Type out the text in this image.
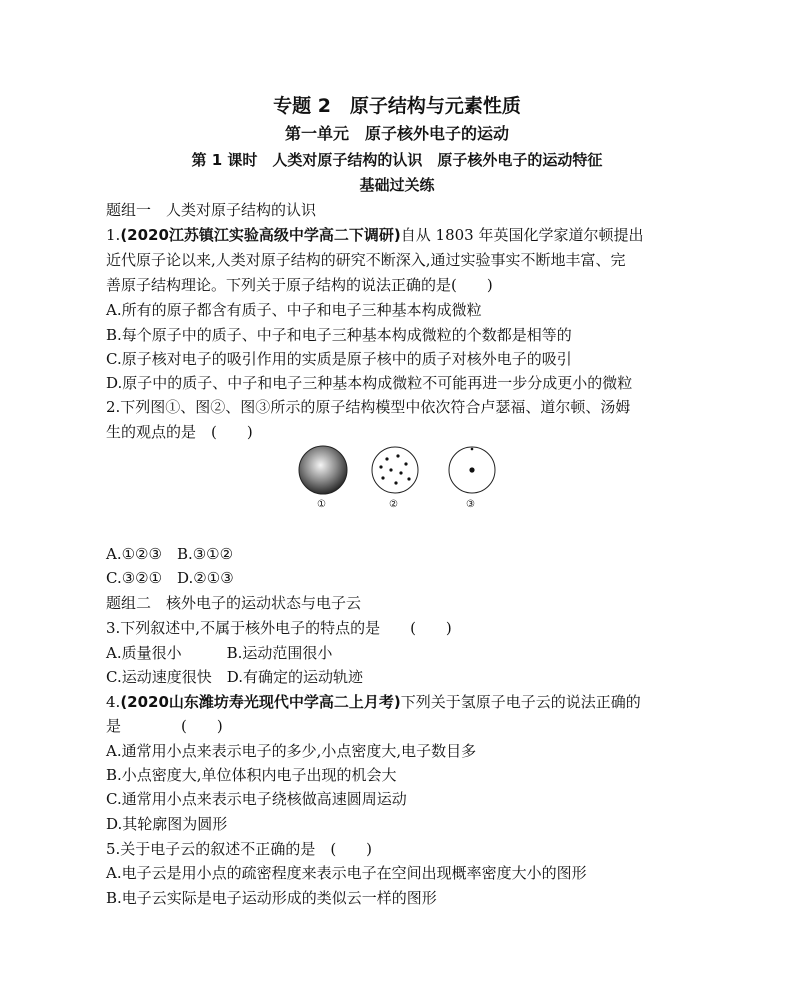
专题 2　原子结构与元素性质
第一单元　原子核外电子的运动
第 1 课时　人类对原子结构的认识　原子核外电子的运动特征
基础过关练
题组一　人类对原子结构的认识
1.(2020江苏镇江实验高级中学高二下调研)自从 1803 年英国化学家道尔顿提出
近代原子论以来,人类对原子结构的研究不断深入,通过实验事实不断地丰富、完
善原子结构理论。下列关于原子结构的说法正确的是(　　)
A.所有的原子都含有质子、中子和电子三种基本构成微粒
B.每个原子中的质子、中子和电子三种基本构成微粒的个数都是相等的
C.原子核对电子的吸引作用的实质是原子核中的质子对核外电子的吸引
D.原子中的质子、中子和电子三种基本构成微粒不可能再进一步分成更小的微粒
2.下列图①、图②、图③所示的原子结构模型中依次符合卢瑟福、道尔顿、汤姆
生的观点的是　(　　)
①	②	③
A.①②③　B.③①②
C.③②①　D.②①③
题组二　核外电子的运动状态与电子云
3.下列叙述中,不属于核外电子的特点的是　　(　　)
A.质量很小　　　B.运动范围很小
C.运动速度很快　D.有确定的运动轨迹
4.(2020山东潍坊寿光现代中学高二上月考)下列关于氢原子电子云的说法正确的
是　　　　(　　)
A.通常用小点来表示电子的多少,小点密度大,电子数目多
B.小点密度大,单位体积内电子出现的机会大
C.通常用小点来表示电子绕核做高速圆周运动
D.其轮廓图为圆形
5.关于电子云的叙述不正确的是　(　　)
A.电子云是用小点的疏密程度来表示电子在空间出现概率密度大小的图形
B.电子云实际是电子运动形成的类似云一样的图形
